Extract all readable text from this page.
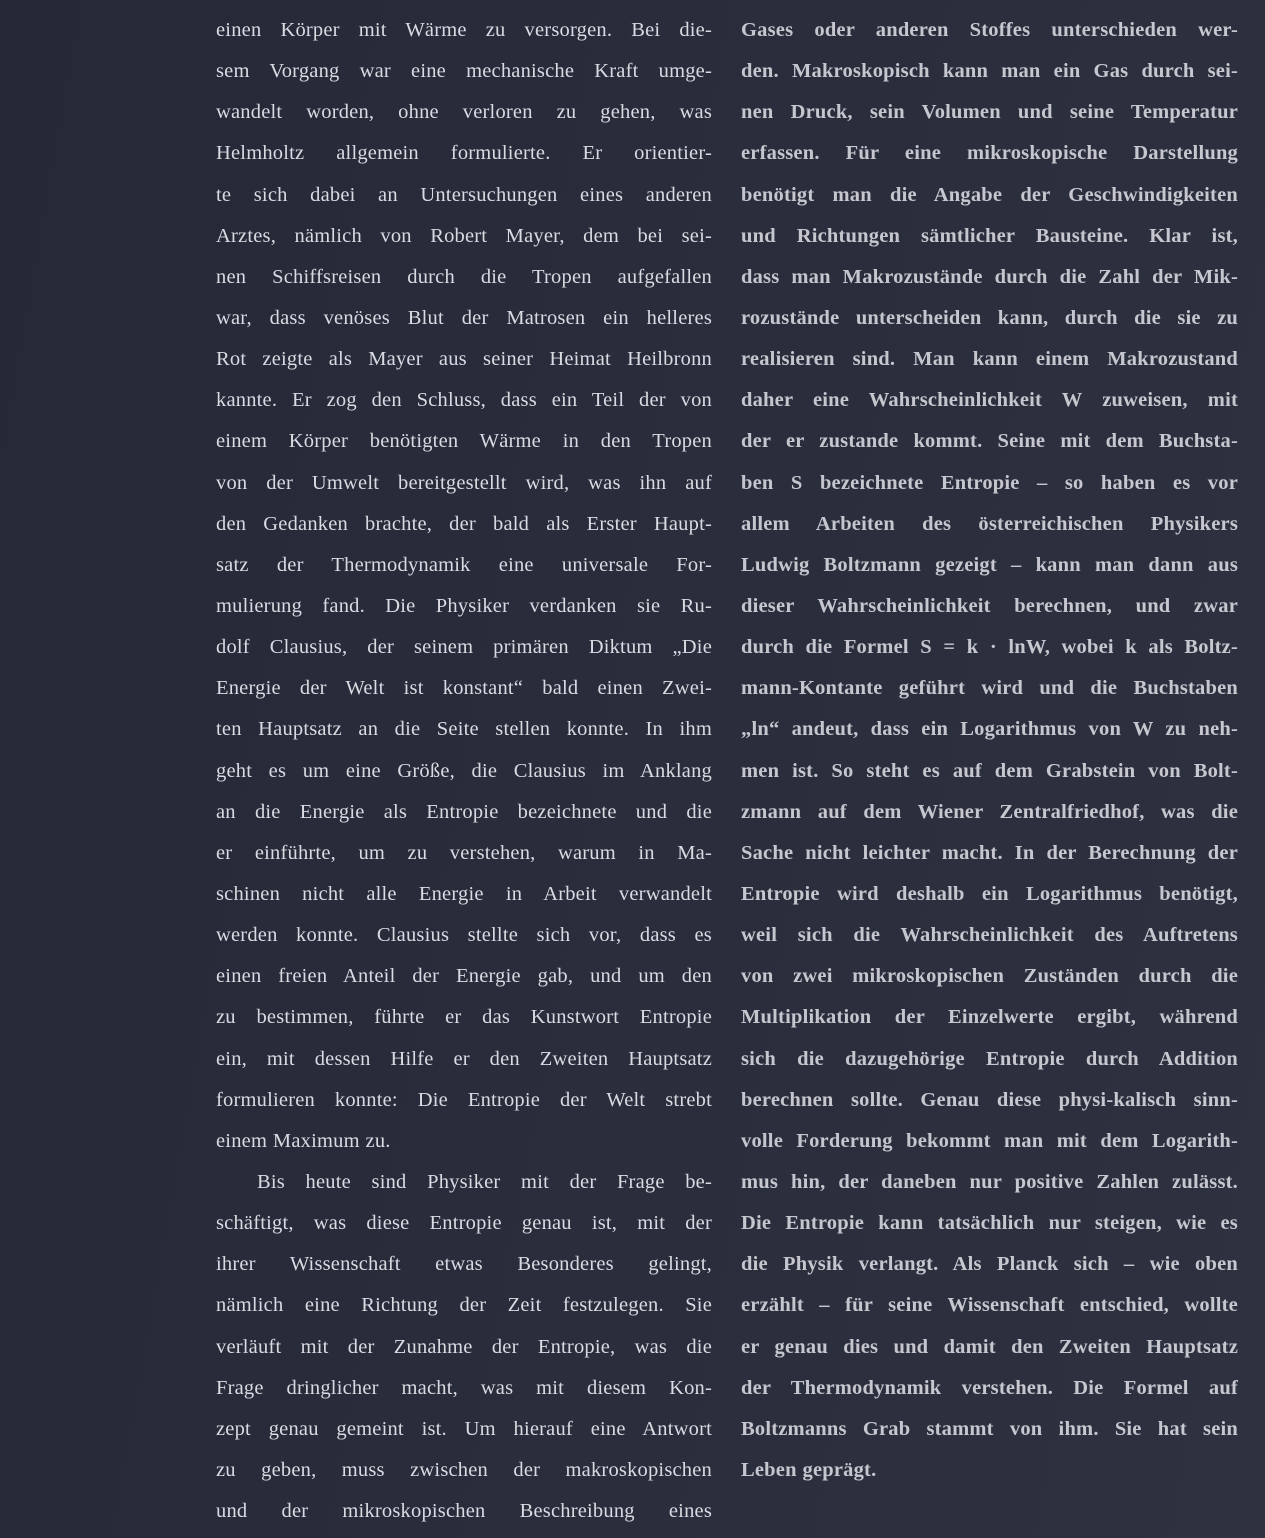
einen Körper mit Wärme zu versorgen. Bei die-
sem Vorgang war eine mechanische Kraft umge-
wandelt worden, ohne verloren zu gehen, was
Helmholtz allgemein formulierte. Er orientier-
te sich dabei an Untersuchungen eines anderen
Arztes, nämlich von Robert Mayer, dem bei sei-
nen Schiffsreisen durch die Tropen aufgefallen
war, dass venöses Blut der Matrosen ein helleres
Rot zeigte als Mayer aus seiner Heimat Heilbronn
kannte. Er zog den Schluss, dass ein Teil der von
einem Körper benötigten Wärme in den Tropen
von der Umwelt bereitgestellt wird, was ihn auf
den Gedanken brachte, der bald als Erster Haupt-
satz der Thermodynamik eine universale For-
mulierung fand. Die Physiker verdanken sie Ru-
dolf Clausius, der seinem primären Diktum „Die
Energie der Welt ist konstant“ bald einen Zwei-
ten Hauptsatz an die Seite stellen konnte. In ihm
geht es um eine Größe, die Clausius im Anklang
an die Energie als Entropie bezeichnete und die
er einführte, um zu verstehen, warum in Ma-
schinen nicht alle Energie in Arbeit verwandelt
werden konnte. Clausius stellte sich vor, dass es
einen freien Anteil der Energie gab, und um den
zu bestimmen, führte er das Kunstwort Entropie
ein, mit dessen Hilfe er den Zweiten Hauptsatz
formulieren konnte: Die Entropie der Welt strebt
einem Maximum zu.
Bis heute sind Physiker mit der Frage be-
schäftigt, was diese Entropie genau ist, mit der
ihrer Wissenschaft etwas Besonderes gelingt,
nämlich eine Richtung der Zeit festzulegen. Sie
verläuft mit der Zunahme der Entropie, was die
Frage dringlicher macht, was mit diesem Kon-
zept genau gemeint ist. Um hierauf eine Antwort
zu geben, muss zwischen der makroskopischen
und der mikroskopischen Beschreibung eines
Gases oder anderen Stoffes unterschieden wer-
den. Makroskopisch kann man ein Gas durch sei-
nen Druck, sein Volumen und seine Temperatur
erfassen. Für eine mikroskopische Darstellung
benötigt man die Angabe der Geschwindigkeiten
und Richtungen sämtlicher Bausteine. Klar ist,
dass man Makrozustände durch die Zahl der Mik-
rozustände unterscheiden kann, durch die sie zu
realisieren sind. Man kann einem Makrozustand
daher eine Wahrscheinlichkeit W zuweisen, mit
der er zustande kommt. Seine mit dem Buchsta-
ben S bezeichnete Entropie – so haben es vor
allem Arbeiten des österreichischen Physikers
Ludwig Boltzmann gezeigt – kann man dann aus
dieser Wahrscheinlichkeit berechnen, und zwar
durch die Formel S = k · lnW, wobei k als Boltz-
mann-Kontante geführt wird und die Buchstaben
„ln“ andeut, dass ein Logarithmus von W zu neh-
men ist. So steht es auf dem Grabstein von Bolt-
zmann auf dem Wiener Zentralfriedhof, was die
Sache nicht leichter macht. In der Berechnung der
Entropie wird deshalb ein Logarithmus benötigt,
weil sich die Wahrscheinlichkeit des Auftretens
von zwei mikroskopischen Zuständen durch die
Multiplikation der Einzelwerte ergibt, während
sich die dazugehörige Entropie durch Addition
berechnen sollte. Genau diese physi-kalisch sinn-
volle Forderung bekommt man mit dem Logarith-
mus hin, der daneben nur positive Zahlen zulässt.
Die Entropie kann tatsächlich nur steigen, wie es
die Physik verlangt. Als Planck sich – wie oben
erzählt – für seine Wissenschaft entschied, wollte
er genau dies und damit den Zweiten Hauptsatz
der Thermodynamik verstehen. Die Formel auf
Boltzmanns Grab stammt von ihm. Sie hat sein
Leben geprägt.
